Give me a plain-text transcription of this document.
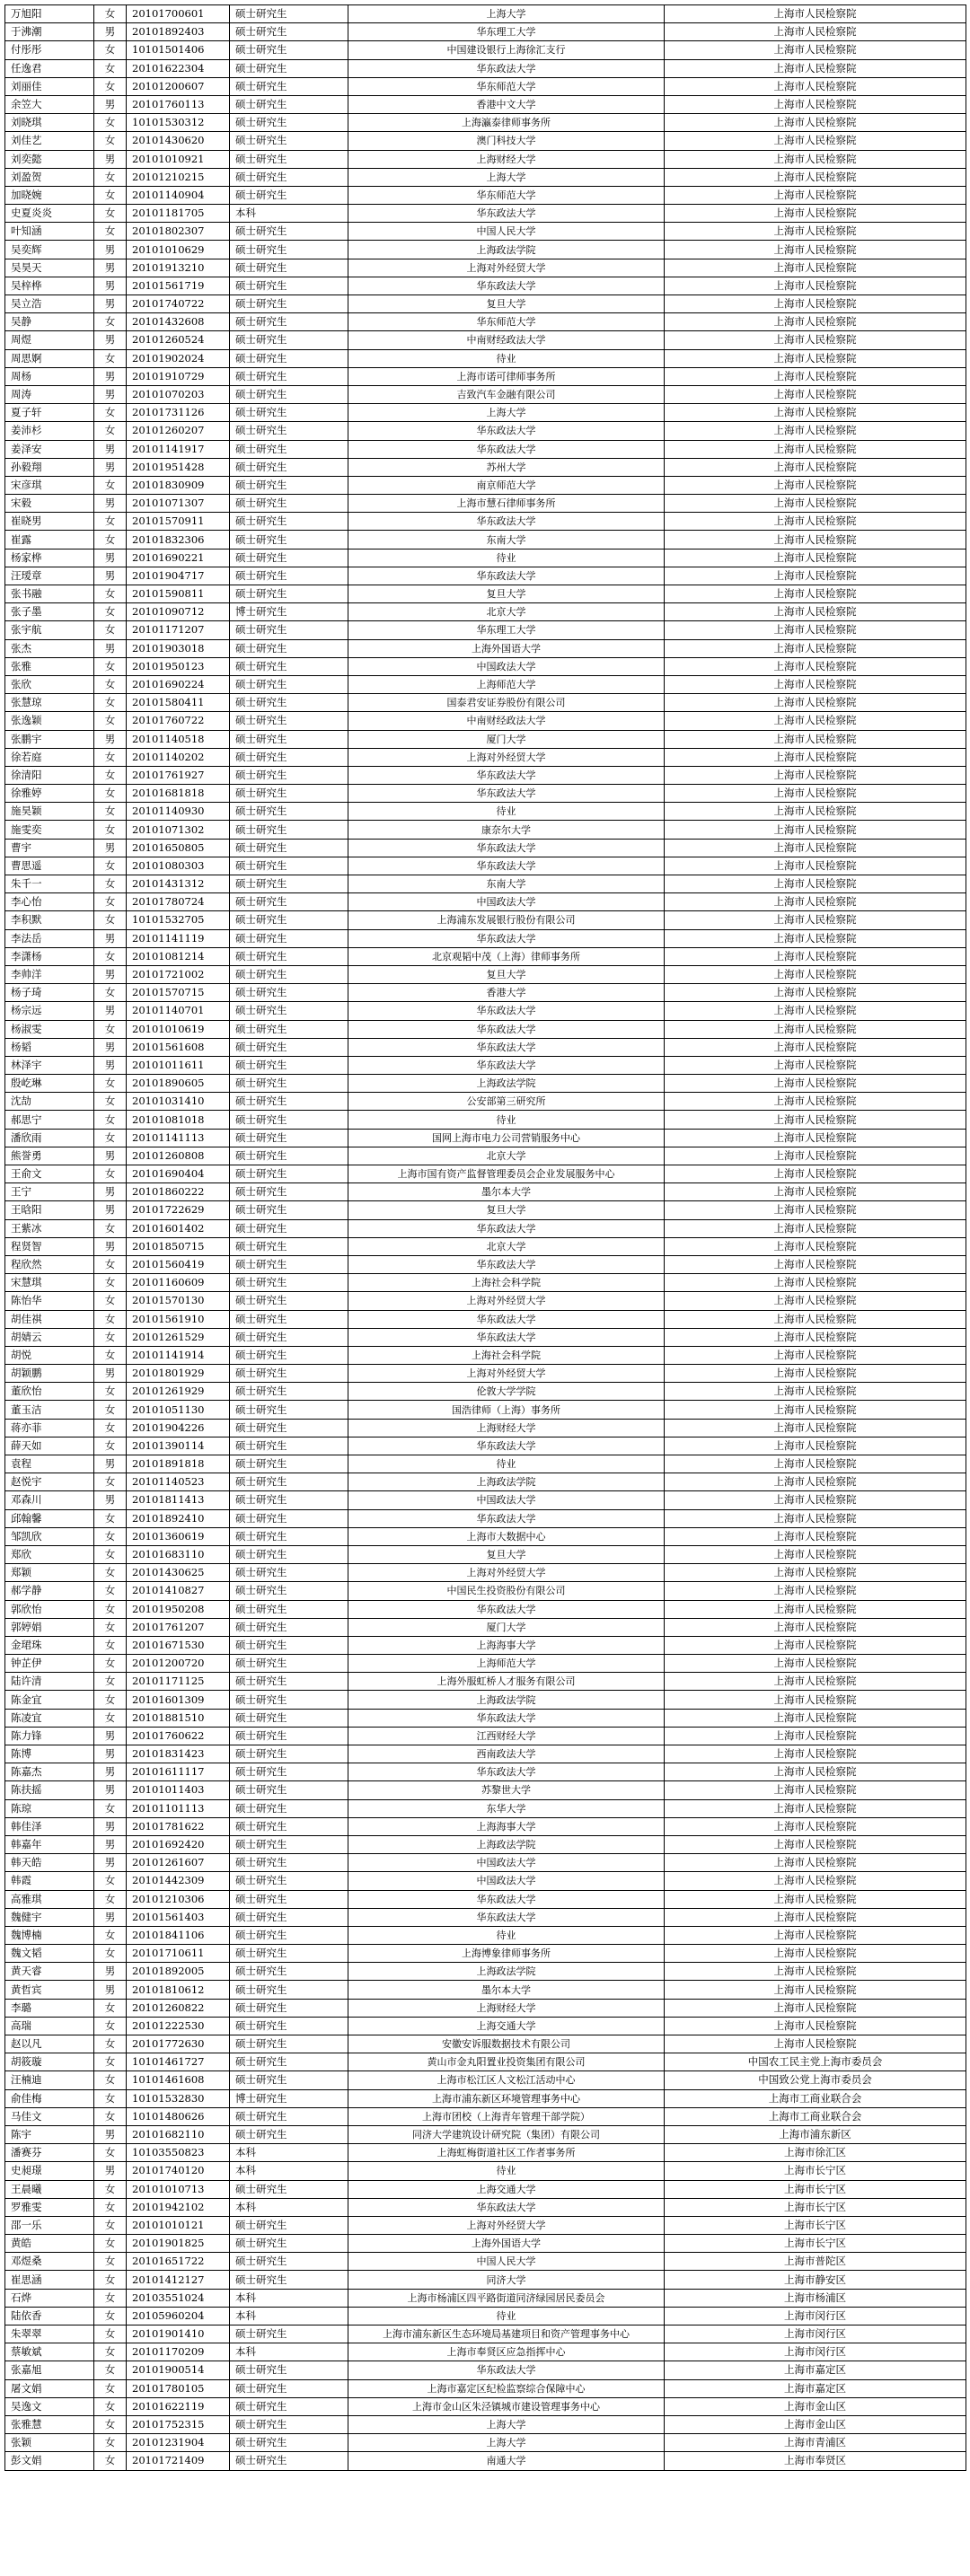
万旭阳	女	20101700601	硕士研究生	上海大学	上海市人民检察院
于沸潮	男	20101892403	硕士研究生	华东理工大学	上海市人民检察院
付彤彤	女	10101501406	硕士研究生	中国建设银行上海徐汇支行	上海市人民检察院
任逸君	女	20101622304	硕士研究生	华东政法大学	上海市人民检察院
刘丽佳	女	20101200607	硕士研究生	华东师范大学	上海市人民检察院
余笠大	男	20101760113	硕士研究生	香港中文大学	上海市人民检察院
刘晓琪	女	10101530312	硕士研究生	上海瀛泰律师事务所	上海市人民检察院
刘佳艺	女	20101430620	硕士研究生	澳门科技大学	上海市人民检察院
刘奕懿	男	20101010921	硕士研究生	上海财经大学	上海市人民检察院
刘盈贺	女	20101210215	硕士研究生	上海大学	上海市人民检察院
加晓婉	女	20101140904	硕士研究生	华东师范大学	上海市人民检察院
史夏炎炎	女	20101181705	本科	华东政法大学	上海市人民检察院
叶知涵	女	20101802307	硕士研究生	中国人民大学	上海市人民检察院
吴奕辉	男	20101010629	硕士研究生	上海政法学院	上海市人民检察院
吴昊天	男	20101913210	硕士研究生	上海对外经贸大学	上海市人民检察院
吴梓桦	男	20101561719	硕士研究生	华东政法大学	上海市人民检察院
吴立浩	男	20101740722	硕士研究生	复旦大学	上海市人民检察院
吴静	女	20101432608	硕士研究生	华东师范大学	上海市人民检察院
周煜	男	20101260524	硕士研究生	中南财经政法大学	上海市人民检察院
周思婀	女	20101902024	硕士研究生	待业	上海市人民检察院
周杨	男	20101910729	硕士研究生	上海市诺可律师事务所	上海市人民检察院
周涛	男	20101070203	硕士研究生	吉致汽车金融有限公司	上海市人民检察院
夏子轩	女	20101731126	硕士研究生	上海大学	上海市人民检察院
姜沛杉	女	20101260207	硕士研究生	华东政法大学	上海市人民检察院
姜泽安	男	20101141917	硕士研究生	华东政法大学	上海市人民检察院
孙毅翔	男	20101951428	硕士研究生	苏州大学	上海市人民检察院
宋彦琪	女	20101830909	硕士研究生	南京师范大学	上海市人民检察院
宋毅	男	20101071307	硕士研究生	上海市慧石律师事务所	上海市人民检察院
崔晓男	女	20101570911	硕士研究生	华东政法大学	上海市人民检察院
崔露	女	20101832306	硕士研究生	东南大学	上海市人民检察院
杨家桦	男	20101690221	硕士研究生	待业	上海市人民检察院
汪瑷章	男	20101904717	硕士研究生	华东政法大学	上海市人民检察院
张书融	女	20101590811	硕士研究生	复旦大学	上海市人民检察院
张子墨	女	20101090712	博士研究生	北京大学	上海市人民检察院
张宇航	女	20101171207	硕士研究生	华东理工大学	上海市人民检察院
张杰	男	20101903018	硕士研究生	上海外国语大学	上海市人民检察院
张雅	女	20101950123	硕士研究生	中国政法大学	上海市人民检察院
张欣	女	20101690224	硕士研究生	上海师范大学	上海市人民检察院
张慧琼	女	20101580411	硕士研究生	国泰君安证券股份有限公司	上海市人民检察院
张逸颖	女	20101760722	硕士研究生	中南财经政法大学	上海市人民检察院
张鹏宇	男	20101140518	硕士研究生	厦门大学	上海市人民检察院
徐若庭	女	20101140202	硕士研究生	上海对外经贸大学	上海市人民检察院
徐清阳	女	20101761927	硕士研究生	华东政法大学	上海市人民检察院
徐雅婷	女	20101681818	硕士研究生	华东政法大学	上海市人民检察院
施昊颖	女	20101140930	硕士研究生	待业	上海市人民检察院
施雯奕	女	20101071302	硕士研究生	康奈尔大学	上海市人民检察院
曹宇	男	20101650805	硕士研究生	华东政法大学	上海市人民检察院
曹思遥	女	20101080303	硕士研究生	华东政法大学	上海市人民检察院
朱千一	女	20101431312	硕士研究生	东南大学	上海市人民检察院
李心怡	女	20101780724	硕士研究生	中国政法大学	上海市人民检察院
李积默	女	10101532705	硕士研究生	上海浦东发展银行股份有限公司	上海市人民检察院
李法岳	男	20101141119	硕士研究生	华东政法大学	上海市人民检察院
李潇杨	女	20101081214	硕士研究生	北京观韬中茂（上海）律师事务所	上海市人民检察院
李帅洋	男	20101721002	硕士研究生	复旦大学	上海市人民检察院
杨子琦	女	20101570715	硕士研究生	香港大学	上海市人民检察院
杨宗远	男	20101140701	硕士研究生	华东政法大学	上海市人民检察院
杨淑雯	女	20101010619	硕士研究生	华东政法大学	上海市人民检察院
杨韬	男	20101561608	硕士研究生	华东政法大学	上海市人民检察院
林泽宇	男	20101011611	硕士研究生	华东政法大学	上海市人民检察院
殷屹琳	女	20101890605	硕士研究生	上海政法学院	上海市人民检察院
沈劼	女	20101031410	硕士研究生	公安部第三研究所	上海市人民检察院
郝思宁	女	20101081018	硕士研究生	待业	上海市人民检察院
潘欣雨	女	20101141113	硕士研究生	国网上海市电力公司营销服务中心	上海市人民检察院
熊誉勇	男	20101260808	硕士研究生	北京大学	上海市人民检察院
王俞文	女	20101690404	硕士研究生	上海市国有资产监督管理委员会企业发展服务中心	上海市人民检察院
王宁	男	20101860222	硕士研究生	墨尔本大学	上海市人民检察院
王晗阳	男	20101722629	硕士研究生	复旦大学	上海市人民检察院
王紫冰	女	20101601402	硕士研究生	华东政法大学	上海市人民检察院
程贤智	男	20101850715	硕士研究生	北京大学	上海市人民检察院
程欣然	女	20101560419	硕士研究生	华东政法大学	上海市人民检察院
宋慧琪	女	20101160609	硕士研究生	上海社会科学院	上海市人民检察院
陈怡华	女	20101570130	硕士研究生	上海对外经贸大学	上海市人民检察院
胡佳祺	女	20101561910	硕士研究生	华东政法大学	上海市人民检察院
胡婧云	女	20101261529	硕士研究生	华东政法大学	上海市人民检察院
胡悦	女	20101141914	硕士研究生	上海社会科学院	上海市人民检察院
胡颖鹏	男	20101801929	硕士研究生	上海对外经贸大学	上海市人民检察院
董欣怡	女	20101261929	硕士研究生	伦敦大学学院	上海市人民检察院
董玉洁	女	20101051130	硕士研究生	国浩律师（上海）事务所	上海市人民检察院
蒋亦菲	女	20101904226	硕士研究生	上海财经大学	上海市人民检察院
薛天如	女	20101390114	硕士研究生	华东政法大学	上海市人民检察院
袁程	男	20101891818	硕士研究生	待业	上海市人民检察院
赵悦宇	女	20101140523	硕士研究生	上海政法学院	上海市人民检察院
邓森川	男	20101811413	硕士研究生	中国政法大学	上海市人民检察院
邱翰馨	女	20101892410	硕士研究生	华东政法大学	上海市人民检察院
邹凯欣	女	20101360619	硕士研究生	上海市大数据中心	上海市人民检察院
郑欣	女	20101683110	硕士研究生	复旦大学	上海市人民检察院
郑颖	女	20101430625	硕士研究生	上海对外经贸大学	上海市人民检察院
郝学静	女	20101410827	硕士研究生	中国民生投资股份有限公司	上海市人民检察院
郭欣怡	女	20101950208	硕士研究生	华东政法大学	上海市人民检察院
郭婷娟	女	20101761207	硕士研究生	厦门大学	上海市人民检察院
金珺珠	女	20101671530	硕士研究生	上海海事大学	上海市人民检察院
钟芷伊	女	20101200720	硕士研究生	上海师范大学	上海市人民检察院
陆许清	女	20101171125	硕士研究生	上海外服虹桥人才服务有限公司	上海市人民检察院
陈金宜	女	20101601309	硕士研究生	上海政法学院	上海市人民检察院
陈凌宜	女	20101881510	硕士研究生	华东政法大学	上海市人民检察院
陈力锋	男	20101760622	硕士研究生	江西财经大学	上海市人民检察院
陈博	男	20101831423	硕士研究生	西南政法大学	上海市人民检察院
陈嘉杰	男	20101611117	硕士研究生	华东政法大学	上海市人民检察院
陈扶摇	男	20101011403	硕士研究生	苏黎世大学	上海市人民检察院
陈琼	女	20101101113	硕士研究生	东华大学	上海市人民检察院
韩佳泽	男	20101781622	硕士研究生	上海海事大学	上海市人民检察院
韩嘉年	男	20101692420	硕士研究生	上海政法学院	上海市人民检察院
韩天皓	男	20101261607	硕士研究生	中国政法大学	上海市人民检察院
韩霞	女	20101442309	硕士研究生	中国政法大学	上海市人民检察院
高雅琪	女	20101210306	硕士研究生	华东政法大学	上海市人民检察院
魏健宇	男	20101561403	硕士研究生	华东政法大学	上海市人民检察院
魏博楠	女	20101841106	硕士研究生	待业	上海市人民检察院
魏文韬	女	20101710611	硕士研究生	上海博象律师事务所	上海市人民检察院
黄天睿	男	20101892005	硕士研究生	上海政法学院	上海市人民检察院
黄哲宾	男	20101810612	硕士研究生	墨尔本大学	上海市人民检察院
李璐	女	20101260822	硕士研究生	上海财经大学	上海市人民检察院
高瑞	女	20101222530	硕士研究生	上海交通大学	上海市人民检察院
赵以凡	女	20101772630	硕士研究生	安徽安诉服数据技术有限公司	上海市人民检察院
胡筱璇	女	10101461727	硕士研究生	黄山市金丸阳置业投资集团有限公司	中国农工民主党上海市委员会
汪楠迪	女	10101461608	硕士研究生	上海市松江区人文松江活动中心	中国致公党上海市委员会
俞佳梅	女	10101532830	博士研究生	上海市浦东新区环境管理事务中心	上海市工商业联合会
马佳文	女	10101480626	硕士研究生	上海市团校（上海青年管理干部学院）	上海市工商业联合会
陈宇	男	20101682110	硕士研究生	同济大学建筑设计研究院（集团）有限公司	上海市浦东新区
潘赛芬	女	10103550823	本科	上海虹梅街道社区工作者事务所	上海市徐汇区
史昶璟	男	20101740120	本科	待业	上海市长宁区
王晨曦	女	20101010713	硕士研究生	上海交通大学	上海市长宁区
罗雅雯	女	20101942102	本科	华东政法大学	上海市长宁区
邵一乐	女	20101010121	硕士研究生	上海对外经贸大学	上海市长宁区
黄皓	女	20101901825	硕士研究生	上海外国语大学	上海市长宁区
邓煜桑	女	20101651722	硕士研究生	中国人民大学	上海市普陀区
崔思涵	女	20101412127	硕士研究生	同济大学	上海市静安区
石烨	女	20103551024	本科	上海市杨浦区四平路街道同济绿园居民委员会	上海市杨浦区
陆依香	女	20105960204	本科	待业	上海市闵行区
朱翠翠	女	20101901410	硕士研究生	上海市浦东新区生态环境局基建项目和资产管理事务中心	上海市闵行区
蔡敏斌	女	20101170209	本科	上海市奉贤区应急指挥中心	上海市闵行区
张嘉旭	女	20101900514	硕士研究生	华东政法大学	上海市嘉定区
屠文娟	女	20101780105	硕士研究生	上海市嘉定区纪检监察综合保障中心	上海市嘉定区
吴逸文	女	20101622119	硕士研究生	上海市金山区朱泾镇城市建设管理事务中心	上海市金山区
张雅慧	女	20101752315	硕士研究生	上海大学	上海市金山区
张颖	女	20101231904	硕士研究生	上海大学	上海市青浦区
彭文娟	女	20101721409	硕士研究生	南通大学	上海市奉贤区
